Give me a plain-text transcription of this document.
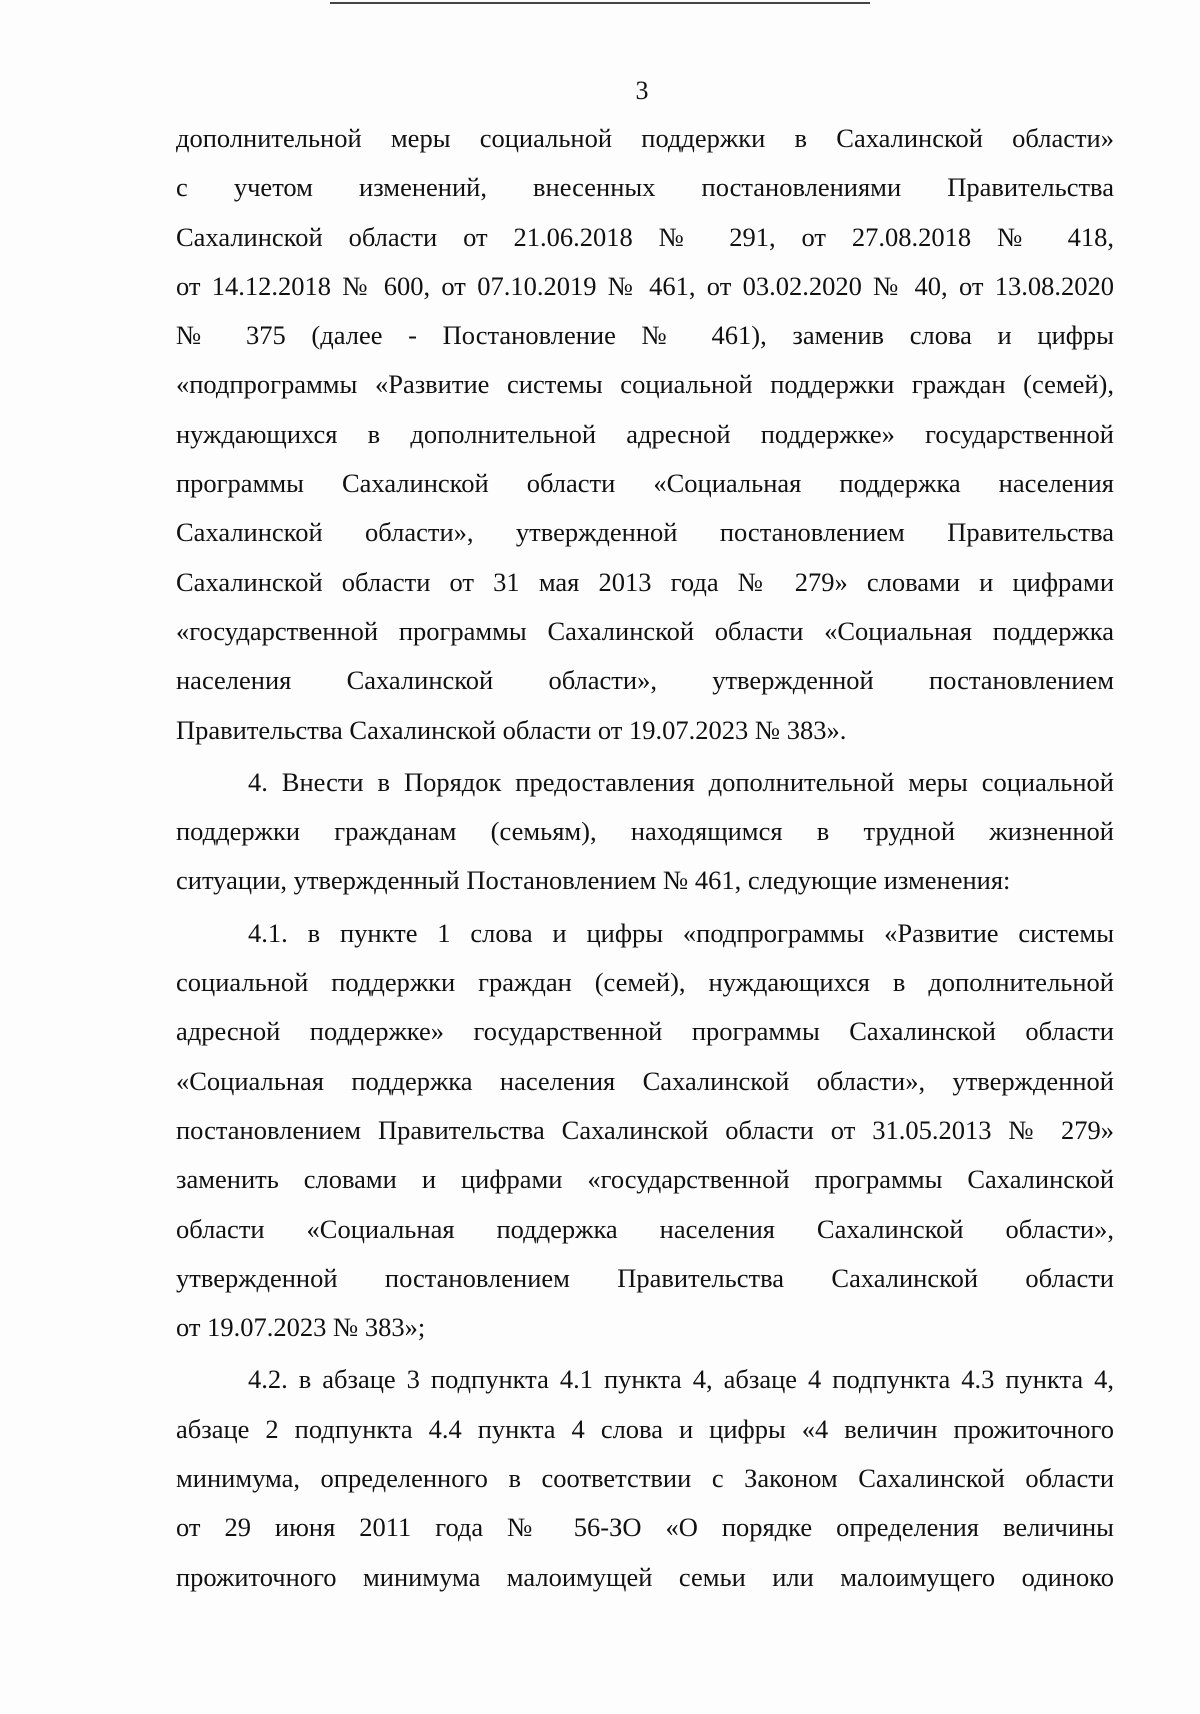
3
дополнительной меры социальной поддержки в Сахалинской области»
с учетом изменений, внесенных постановлениями Правительства
Сахалинской области от 21.06.2018 № 291, от 27.08.2018 № 418,
от 14.12.2018 № 600, от 07.10.2019 № 461, от 03.02.2020 № 40, от 13.08.2020
№ 375 (далее - Постановление № 461), заменив слова и цифры
«подпрограммы «Развитие системы социальной поддержки граждан (семей),
нуждающихся в дополнительной адресной поддержке» государственной
программы Сахалинской области «Социальная поддержка населения
Сахалинской области», утвержденной постановлением Правительства
Сахалинской области от 31 мая 2013 года № 279» словами и цифрами
«государственной программы Сахалинской области «Социальная поддержка
населения Сахалинской области», утвержденной постановлением
Правительства Сахалинской области от 19.07.2023 № 383».
4. Внести в Порядок предоставления дополнительной меры социальной
поддержки гражданам (семьям), находящимся в трудной жизненной
ситуации, утвержденный Постановлением № 461, следующие изменения:
4.1. в пункте 1 слова и цифры «подпрограммы «Развитие системы
социальной поддержки граждан (семей), нуждающихся в дополнительной
адресной поддержке» государственной программы Сахалинской области
«Социальная поддержка населения Сахалинской области», утвержденной
постановлением Правительства Сахалинской области от 31.05.2013 № 279»
заменить словами и цифрами «государственной программы Сахалинской
области «Социальная поддержка населения Сахалинской области»,
утвержденной постановлением Правительства Сахалинской области
от 19.07.2023 № 383»;
4.2. в абзаце 3 подпункта 4.1 пункта 4, абзаце 4 подпункта 4.3 пункта 4,
абзаце 2 подпункта 4.4 пункта 4 слова и цифры «4 величин прожиточного
минимума, определенного в соответствии с Законом Сахалинской области
от 29 июня 2011 года № 56-ЗО «О порядке определения величины
прожиточного минимума малоимущей семьи или малоимущего одиноко
